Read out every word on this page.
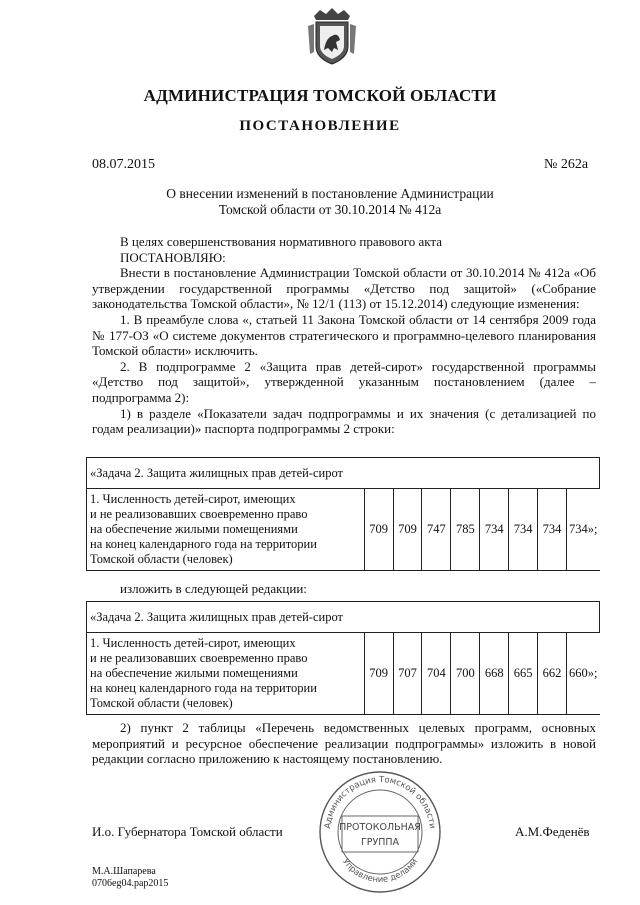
АДМИНИСТРАЦИЯ ТОМСКОЙ ОБЛАСТИ
ПОСТАНОВЛЕНИЕ
08.07.2015	№ 262а
О внесении изменений в постановление Администрации
Томской области от 30.10.2014 № 412а

В целях совершенствования нормативного правового акта

ПОСТАНОВЛЯЮ:

Внести в постановление Администрации Томской области от 30.10.2014 № 412а «Об утверждении государственной программы «Детство под защитой» («Собрание законодательства Томской области», № 12/1 (113) от 15.12.2014) следующие изменения:

1. В преамбуле слова «, статьей 11 Закона Томской области от 14 сентября 2009 года № 177-ОЗ «О системе документов стратегического и программно-целевого планирования Томской области» исключить.

2. В подпрограмме 2 «Защита прав детей-сирот» государственной программы «Детство под защитой», утвержденной указанным постановлением (далее – подпрограмма 2):

1) в разделе «Показатели задач подпрограммы и их значения (с детализацией по годам реализации)» паспорта подпрограммы 2 строки:

«Задача 2. Защита жилищных прав детей-сирот

1. Численность детей-сирот, имеющих
и не реализовавших своевременно право
на обеспечение жилыми помещениями
на конец календарного года на территории
Томской области (человек)
	709	709	747	785	734	734	734	734»;
изложить в следующей редакции:
«Задача 2. Защита жилищных прав детей-сирот

1. Численность детей-сирот, имеющих
и не реализовавших своевременно право
на обеспечение жилыми помещениями
на конец календарного года на территории
Томской области (человек)
	709	707	704	700	668	665	662	660»;

2) пункт 2 таблицы «Перечень ведомственных целевых программ, основных мероприятий и ресурсное обеспечение реализации подпрограммы» изложить в новой редакции согласно приложению к настоящему постановлению.

Администрация Томской области
Управление делами
ПРОТОКОЛЬНАЯ
ГРУППА
И.о. Губернатора Томской области	А.М.Феденёв
М.А.Шапарева
0706eg04.pap2015
